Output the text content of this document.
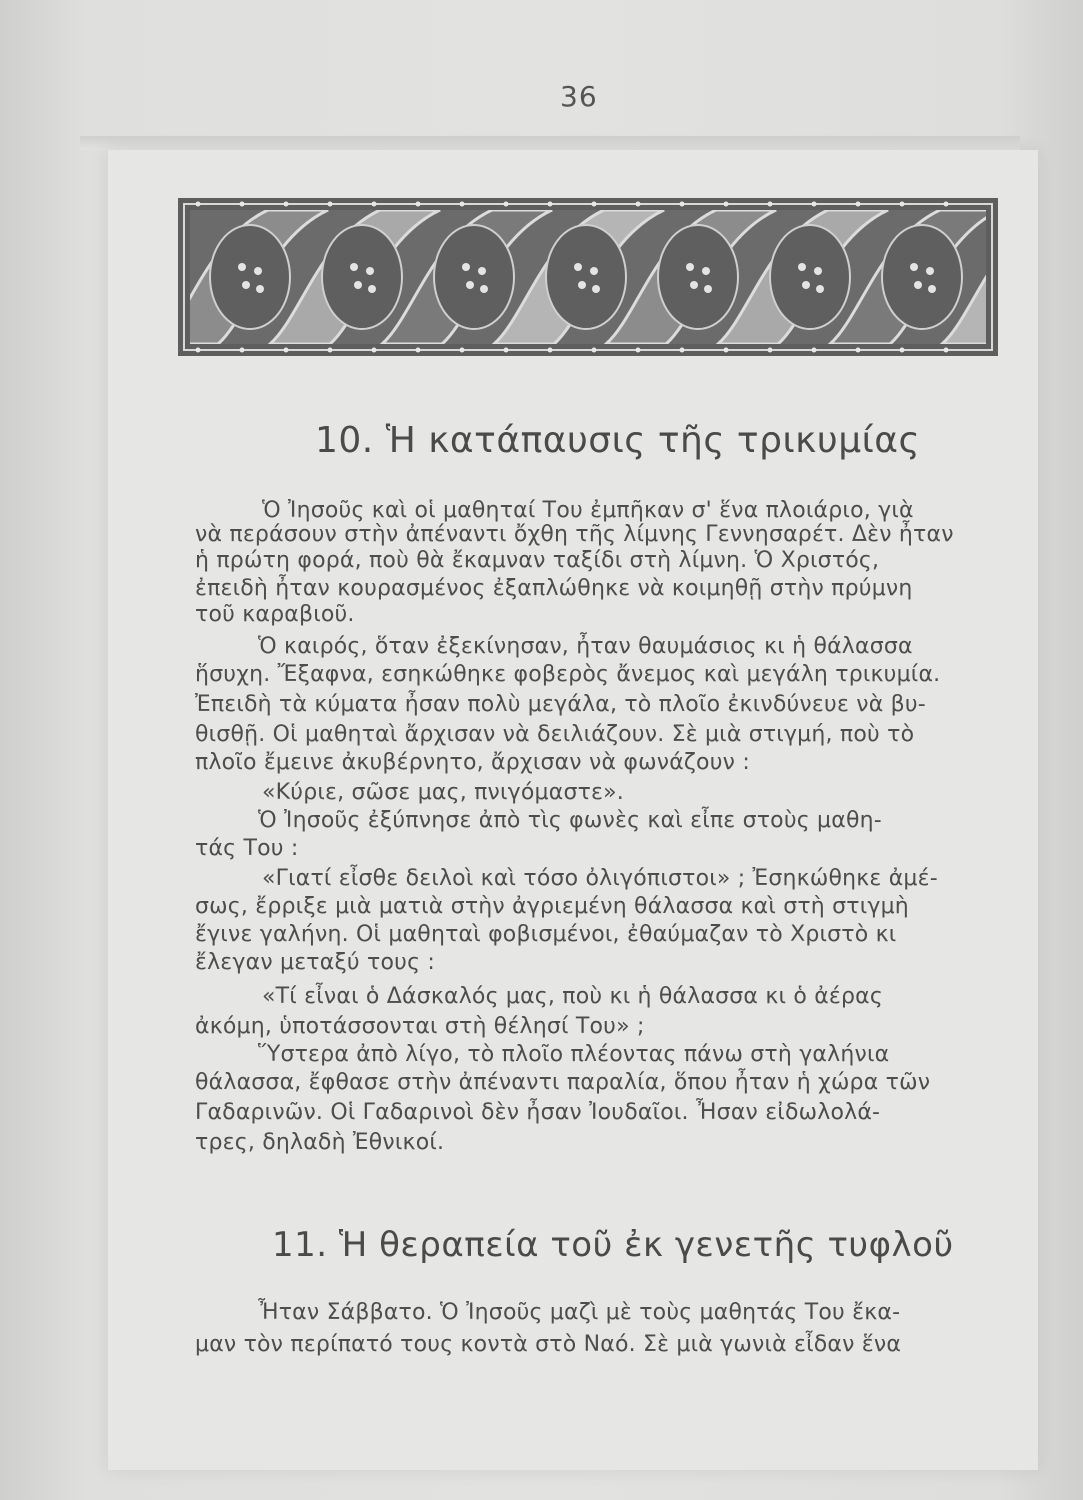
36
10. Ἡ κατάπαυσις τῆς τρικυμίας
Ὁ Ἰησοῦς καὶ οἱ μαθηταί Του ἐμπῆκαν σ' ἕνα πλοιάριο, γιὰ
νὰ περάσουν στὴν ἀπέναντι ὄχθη τῆς λίμνης Γεννησαρέτ. Δὲν ἦταν
ἡ πρώτη φορά, ποὺ θὰ ἔκαμναν ταξίδι στὴ λίμνη. Ὁ Χριστός,
ἐπειδὴ ἦταν κουρασμένος ἐξαπλώθηκε νὰ κοιμηθῇ στὴν πρύμνη
τοῦ καραβιοῦ.
Ὁ καιρός, ὅταν ἐξεκίνησαν, ἦταν θαυμάσιος κι ἡ θάλασσα
ἥσυχη. Ἔξαφνα, εσηκώθηκε φοβερὸς ἄνεμος καὶ μεγάλη τρικυμία.
Ἐπειδὴ τὰ κύματα ἦσαν πολὺ μεγάλα, τὸ πλοῖο ἐκινδύνευε νὰ βυ-
θισθῇ. Οἱ μαθηταὶ ἄρχισαν νὰ δειλιάζουν. Σὲ μιὰ στιγμή, ποὺ τὸ
πλοῖο ἔμεινε ἀκυβέρνητο, ἄρχισαν νὰ φωνάζουν :
«Κύριε, σῶσε μας, πνιγόμαστε».
Ὁ Ἰησοῦς ἐξύπνησε ἀπὸ τὶς φωνὲς καὶ εἶπε στοὺς μαθη-
τάς Του :
«Γιατί εἶσθε δειλοὶ καὶ τόσο ὀλιγόπιστοι» ; Ἐσηκώθηκε ἀμέ-
σως, ἔρριξε μιὰ ματιὰ στὴν ἀγριεμένη θάλασσα καὶ στὴ στιγμὴ
ἔγινε γαλήνη. Οἱ μαθηταὶ φοβισμένοι, ἐθαύμαζαν τὸ Χριστὸ κι
ἔλεγαν μεταξύ τους :
«Τί εἶναι ὁ Δάσκαλός μας, ποὺ κι ἡ θάλασσα κι ὁ ἀέρας
ἀκόμη, ὑποτάσσονται στὴ θέλησί Του» ;
Ὕστερα ἀπὸ λίγο, τὸ πλοῖο πλέοντας πάνω στὴ γαλήνια
θάλασσα, ἔφθασε στὴν ἀπέναντι παραλία, ὅπου ἦταν ἡ χώρα τῶν
Γαδαρινῶν. Οἱ Γαδαρινοὶ δὲν ἦσαν Ἰουδαῖοι. Ἦσαν εἰδωλολά-
τρες, δηλαδὴ Ἐθνικοί.
11. Ἡ θεραπεία τοῦ ἐκ γενετῆς τυφλοῦ
Ἦταν Σάββατο. Ὁ Ἰησοῦς μαζὶ μὲ τοὺς μαθητάς Του ἔκα-
μαν τὸν περίπατό τους κοντὰ στὸ Ναό. Σὲ μιὰ γωνιὰ εἶδαν ἕνα
